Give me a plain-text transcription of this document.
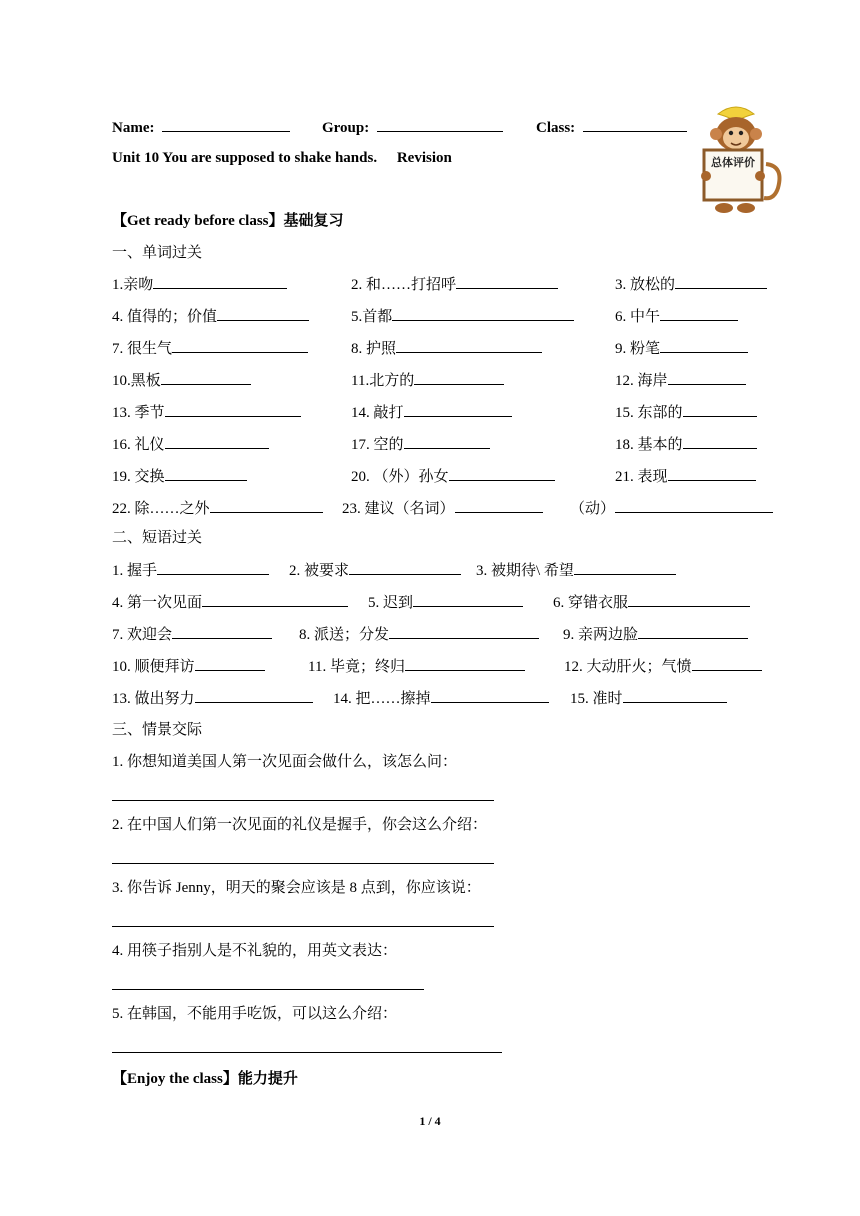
Name:	Group:	Class:
Unit 10 You are supposed to shake hands. Revision	总体评价
【Get ready before class】基础复习
一、单词过关
1.亲吻	2. 和……打招呼	3. 放松的
4. 值得的；价值	5.首都	6. 中午
7. 很生气	8. 护照	9. 粉笔
10.黑板	11.北方的	12. 海岸
13. 季节	14. 敲打	15. 东部的
16. 礼仪	17. 空的	18. 基本的
19. 交换	20. （外）孙女	21. 表现
22. 除……之外	23. 建议（名词）	（动）
二、短语过关
1. 握手	2. 被要求	3. 被期待\ 希望
4. 第一次见面	5. 迟到	6. 穿错衣服
7. 欢迎会	8. 派送；分发	9. 亲两边脸
10. 顺便拜访	11. 毕竟；终归	12. 大动肝火；气愤
13. 做出努力	14. 把……擦掉	15. 准时
三、情景交际
1. 你想知道美国人第一次见面会做什么，该怎么问：
2. 在中国人们第一次见面的礼仪是握手，你会这么介绍：
3. 你告诉 Jenny，明天的聚会应该是 8 点到，你应该说：
4. 用筷子指别人是不礼貌的，用英文表达：
5. 在韩国，不能用手吃饭，可以这么介绍：
【Enjoy the class】能力提升
1 / 4
